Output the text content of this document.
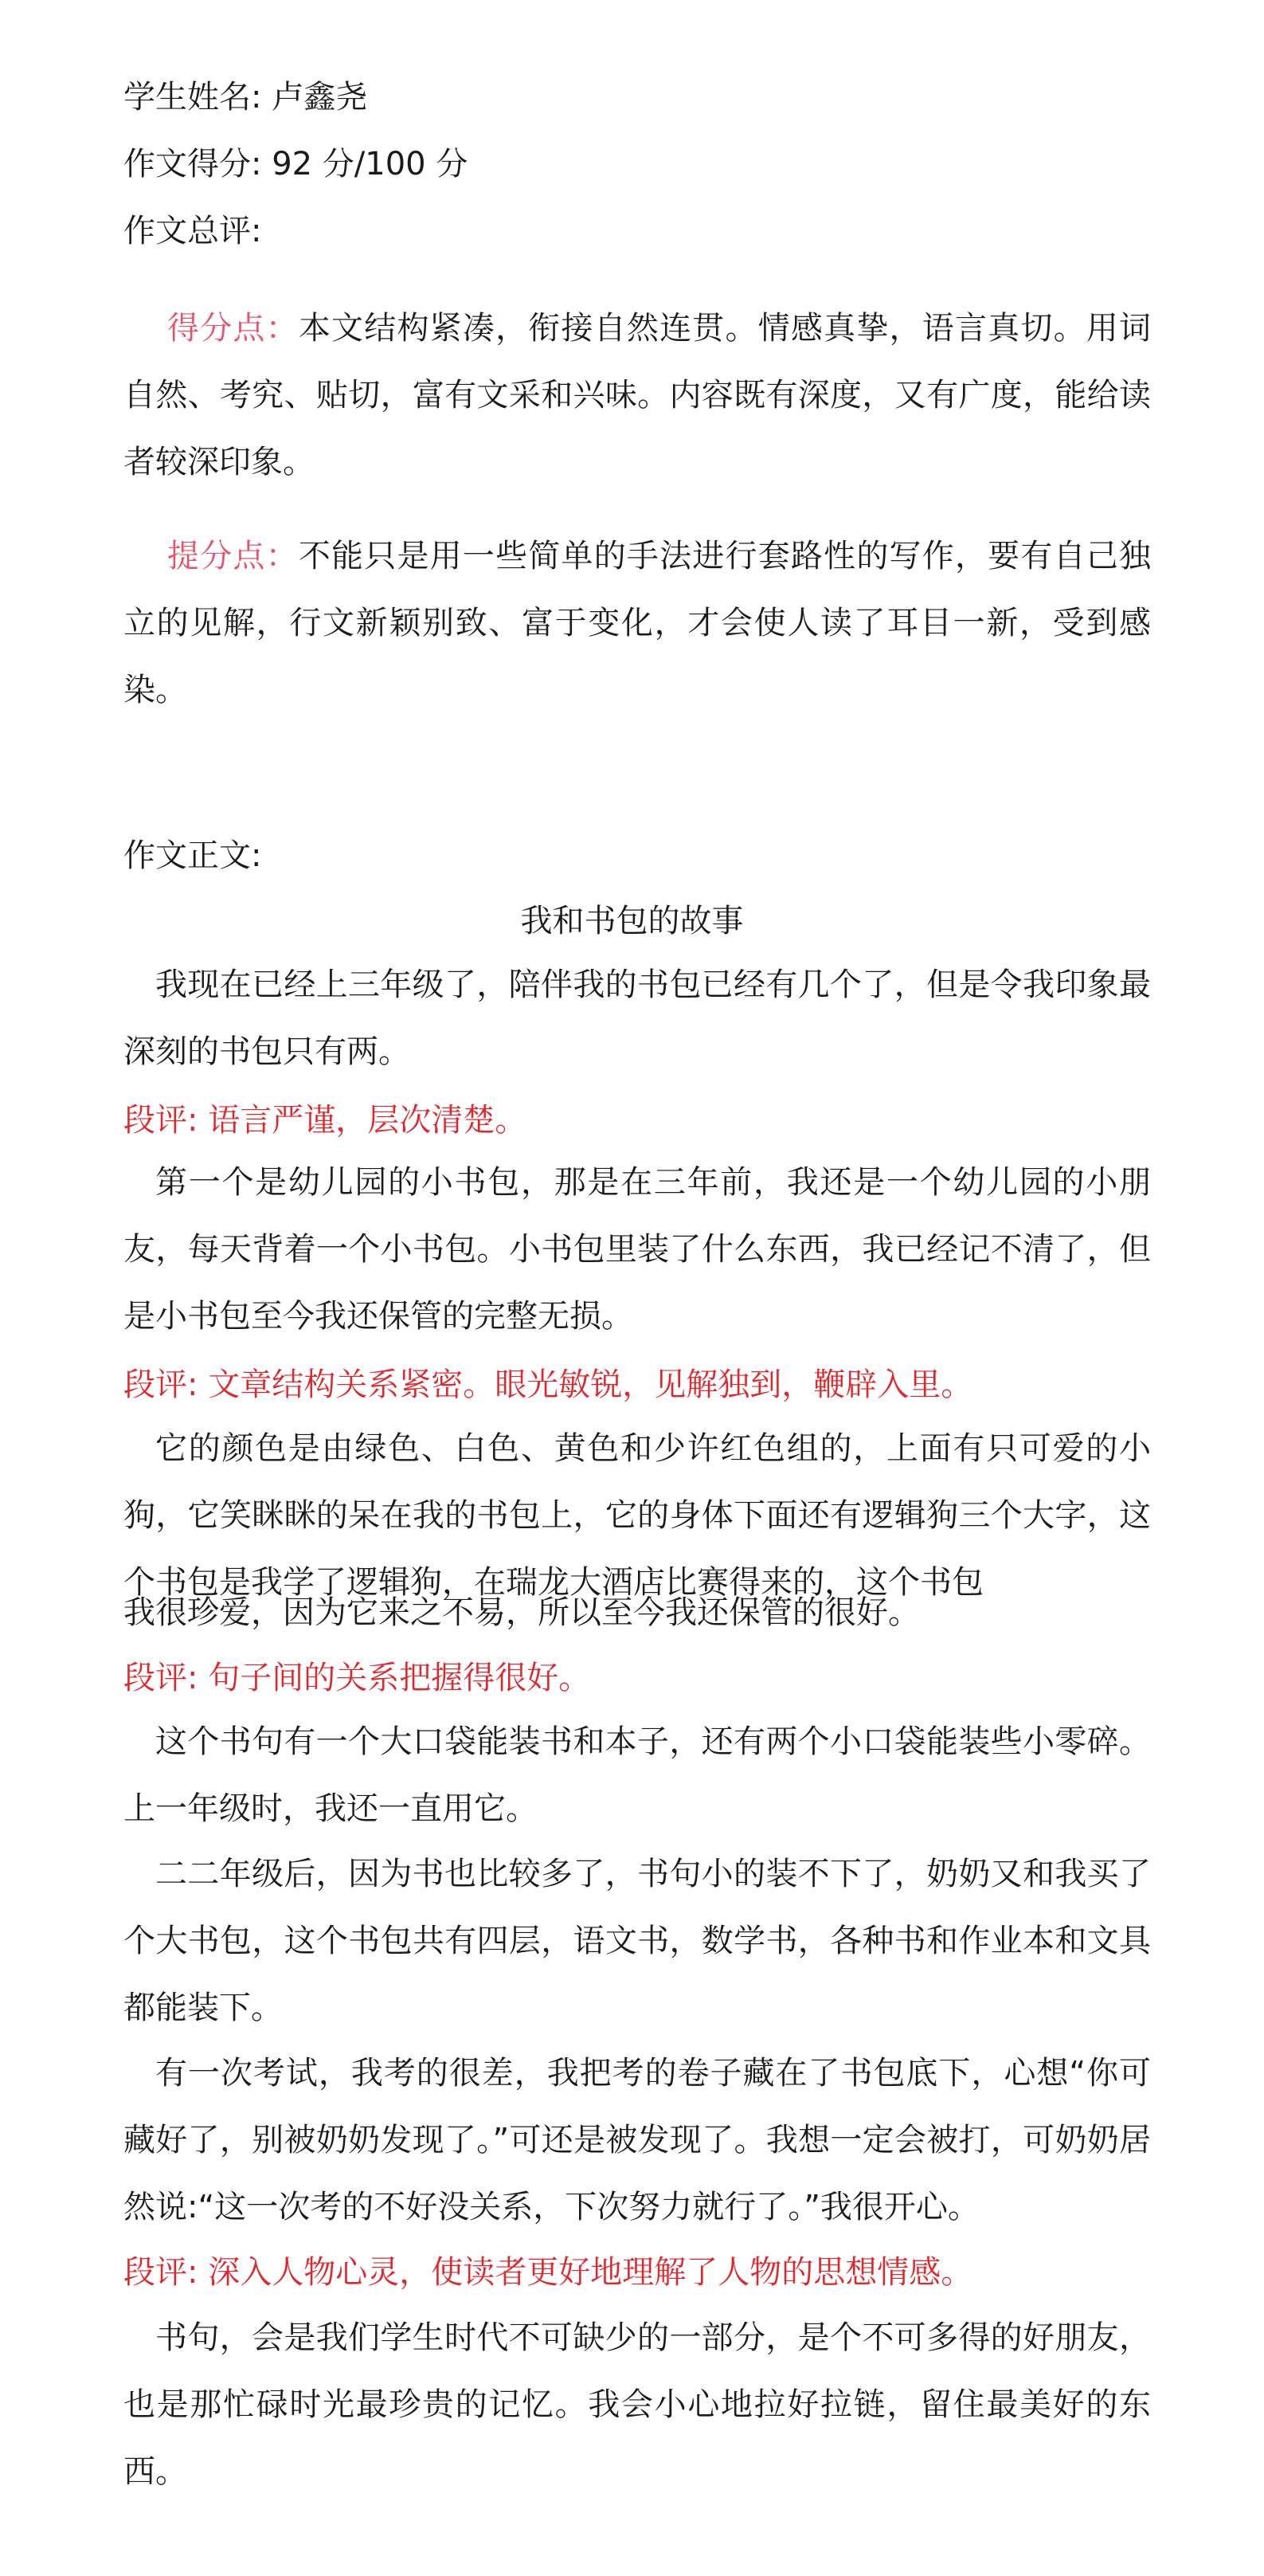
学生姓名: 卢鑫尧
作文得分: 92 分/100 分
作文总评:

得分点：本文结构紧凑，衔接自然连贯。情感真挚，语言真切。用词自然、考究、贴切，富有文采和兴味。内容既有深度，又有广度，能给读者较深印象。

提分点：不能只是用一些简单的手法进行套路性的写作，要有自己独立的见解，行文新颖别致、富于变化，才会使人读了耳目一新，受到感染。

作文正文:
我和书包的故事

我现在已经上三年级了，陪伴我的书包已经有几个了，但是令我印象最深刻的书包只有两。

段评: 语言严谨，层次清楚。

第一个是幼儿园的小书包，那是在三年前，我还是一个幼儿园的小朋友，每天背着一个小书包。小书包里装了什么东西，我已经记不清了，但是小书包至今我还保管的完整无损。

段评: 文章结构关系紧密。眼光敏锐，见解独到，鞭辟入里。

它的颜色是由绿色、白色、黄色和少许红色组的，上面有只可爱的小狗，它笑眯眯的呆在我的书包上，它的身体下面还有逻辑狗三个大字，这个书包是我学了逻辑狗，在瑞龙大酒店比赛得来的，这个书包

我很珍爱，因为它来之不易，所以至今我还保管的很好。
段评: 句子间的关系把握得很好。

这个书句有一个大口袋能装书和本子，还有两个小口袋能装些小零碎。上一年级时，我还一直用它。

二二年级后，因为书也比较多了，书句小的装不下了，奶奶又和我买了个大书包，这个书包共有四层，语文书，数学书，各种书和作业本和文具都能装下。

有一次考试，我考的很差，我把考的卷子藏在了书包底下，心想“你可藏好了，别被奶奶发现了。”可还是被发现了。我想一定会被打，可奶奶居然说:“这一次考的不好没关系，下次努力就行了。”我很开心。

段评: 深入人物心灵，使读者更好地理解了人物的思想情感。

书句，会是我们学生时代不可缺少的一部分，是个不可多得的好朋友，也是那忙碌时光最珍贵的记忆。我会小心地拉好拉链，留住最美好的东西。
